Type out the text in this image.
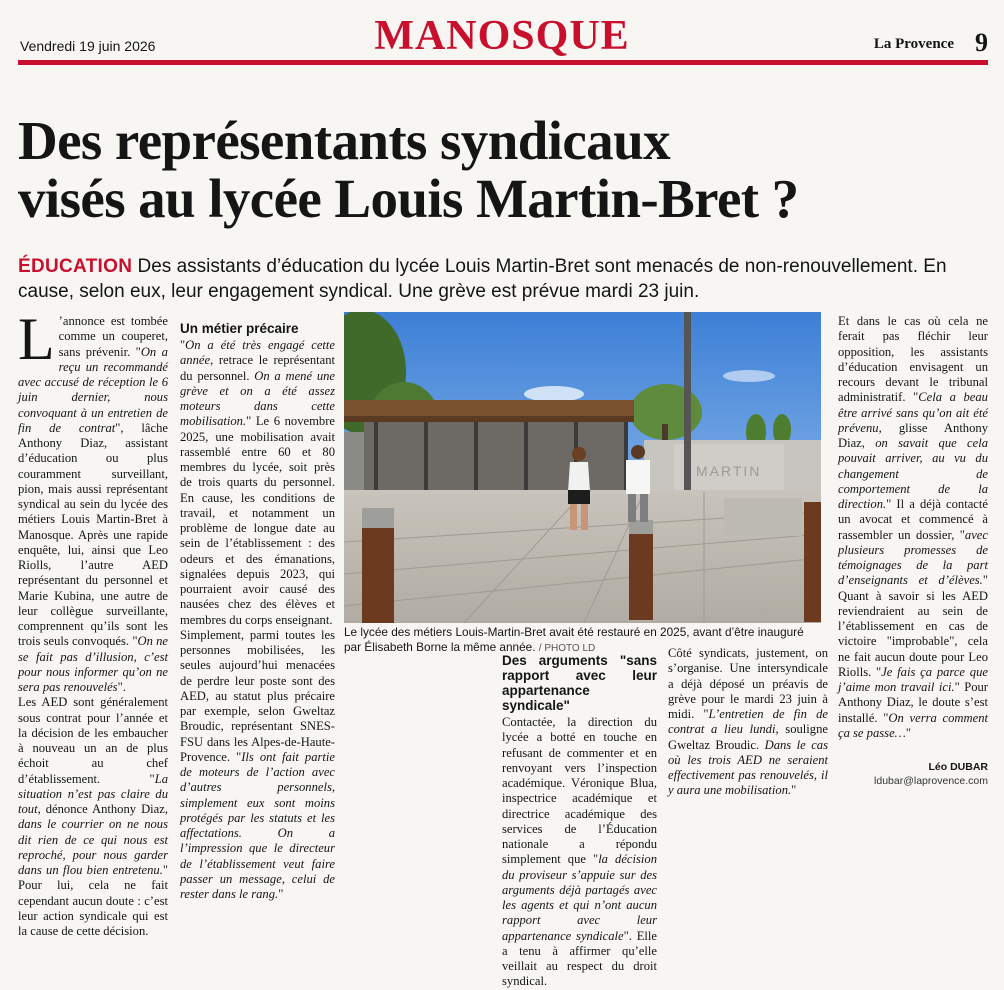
Vendredi 19 juin 2026	MANOSQUE	La Provence 9
Des représentants syndicaux
visés au lycée Louis Martin-Bret ?

ÉDUCATION Des assistants d’éducation du lycée Louis Martin-Bret sont menacés de non-renouvellement. En cause, selon eux, leur engagement syndical. Une grève est prévue mardi 23 juin.

L ’annonce est tombée comme un couperet, sans prévenir. "On a reçu un recommandé avec accusé de réception le 6 juin dernier, nous convoquant à un entretien de fin de contrat", lâche Anthony Diaz, assistant d’éducation ou plus couramment surveillant, pion, mais aussi représentant syndical au sein du lycée des métiers Louis Martin-Bret à Manosque. Après une rapide enquête, lui, ainsi que Leo Riolls, l’autre AED représentant du personnel et Marie Kubina, une autre de leur collègue surveillante, comprennent qu’ils sont les trois seuls convoqués. "On ne se fait pas d’illusion, c’est pour nous informer qu’on ne sera pas renouvelés".

Les AED sont généralement sous contrat pour l’année et la décision de les embaucher à nouveau un an de plus échoit au chef d’établissement. "La situation n’est pas claire du tout, dénonce Anthony Diaz, dans le courrier on ne nous dit rien de ce qui nous est reproché, pour nous garder dans un flou bien entretenu." Pour lui, cela ne fait cependant aucun doute : c’est leur action syndicale qui est la cause de cette décision.

Un métier précaire

"On a été très engagé cette année, retrace le représentant du personnel. On a mené une grève et on a été assez moteurs dans cette mobilisation." Le 6 novembre 2025, une mobilisation avait rassemblé entre 60 et 80 membres du lycée, soit près de trois quarts du personnel. En cause, les conditions de travail, et notamment un problème de longue date au sein de l’établissement : des odeurs et des émanations, signalées depuis 2023, qui pourraient avoir causé des nausées chez des élèves et membres du corps enseignant.

Simplement, parmi toutes les personnes mobilisées, les seules aujourd’hui menacées de perdre leur poste sont des AED, au statut plus précaire par exemple, selon Gweltaz Broudic, représentant SNES-FSU dans les Alpes-de-Haute-Provence. "Ils ont fait partie de moteurs de l’action avec d’autres personnels, simplement eux sont moins protégés par les statuts et les affectations. On a l’impression que le directeur de l’établissement veut faire passer un message, celui de rester dans le rang."

MARTIN

Le lycée des métiers Louis-Martin-Bret avait été restauré en 2025, avant d’être inauguré par Élisabeth Borne la même année. / PHOTO LD

Des arguments "sans rapport avec leur appartenance syndicale"

Contactée, la direction du lycée a botté en touche en refusant de commenter et en renvoyant vers l’inspection académique. Véronique Blua, inspectrice académique et directrice académique des services de l’Éducation nationale a répondu simplement que "la décision du proviseur s’appuie sur des arguments déjà partagés avec les agents et qui n’ont aucun rapport avec leur appartenance syndicale". Elle a tenu à affirmer qu’elle veillait au respect du droit syndical.

Côté syndicats, justement, on s’organise. Une intersyndicale a déjà déposé un préavis de grève pour le mardi 23 juin à midi. "L’entretien de fin de contrat a lieu lundi, souligne Gweltaz Broudic. Dans le cas où les trois AED ne seraient effectivement pas renouvelés, il y aura une mobilisation."

Et dans le cas où cela ne ferait pas fléchir leur opposition, les assistants d’éducation envisagent un recours devant le tribunal administratif. "Cela a beau être arrivé sans qu’on ait été prévenu, glisse Anthony Diaz, on savait que cela pouvait arriver, au vu du changement de comportement de la direction." Il a déjà contacté un avocat et commencé à rassembler un dossier, "avec plusieurs promesses de témoignages de la part d’enseignants et d’élèves." Quant à savoir si les AED reviendraient au sein de l’établissement en cas de victoire "improbable", cela ne fait aucun doute pour Leo Riolls. "Je fais ça parce que j’aime mon travail ici." Pour Anthony Diaz, le doute s’est installé. "On verra comment ça se passe…"

Léo DUBAR
ldubar@laprovence.com
